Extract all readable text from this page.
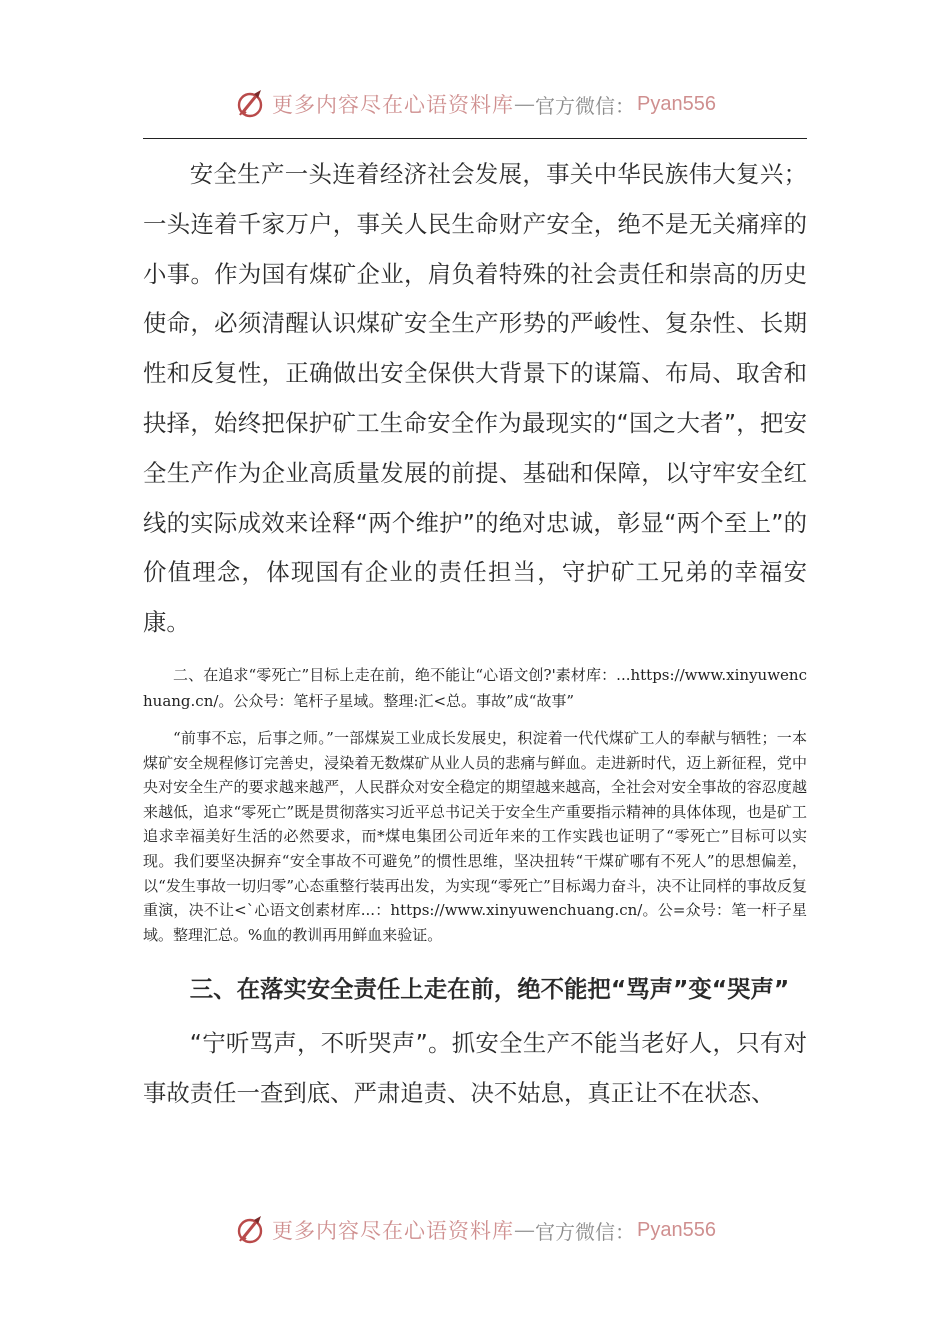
更多内容尽在心语资料库 — 官方微信： Pyan556

安全生产一头连着经济社会发展，事关中华民族伟大复兴；一头连着千家万户，事关人民生命财产安全，绝不是无关痛痒的小事。作为国有煤矿企业，肩负着特殊的社会责任和崇高的历史使命，必须清醒认识煤矿安全生产形势的严峻性、复杂性、长期性和反复性，正确做出安全保供大背景下的谋篇、布局、取舍和抉择，始终把保护矿工生命安全作为最现实的“国之大者”，把安全生产作为企业高质量发展的前提、基础和保障，以守牢安全红线的实际成效来诠释“两个维护”的绝对忠诚，彰显“两个至上”的价值理念，体现国有企业的责任担当，守护矿工兄弟的幸福安康。

二、在追求“零死亡”目标上走在前，绝不能让“心语文创?'素材库：...https://www.xinyuwenchuang.cn/。公众号：笔杆子星域。整理:汇<总。事故”成“故事”

“前事不忘，后事之师。”一部煤炭工业成长发展史，积淀着一代代煤矿工人的奉献与牺牲；一本煤矿安全规程修订完善史，浸染着无数煤矿从业人员的悲痛与鲜血。走进新时代，迈上新征程，党中央对安全生产的要求越来越严，人民群众对安全稳定的期望越来越高，全社会对安全事故的容忍度越来越低，追求“零死亡”既是贯彻落实习近平总书记关于安全生产重要指示精神的具体体现，也是矿工追求幸福美好生活的必然要求，而*煤电集团公司近年来的工作实践也证明了“零死亡”目标可以实现。我们要坚决摒弃“安全事故不可避免”的惯性思维，坚决扭转“干煤矿哪有不死人”的思想偏差，以“发生事故一切归零”心态重整行装再出发，为实现“零死亡”目标竭力奋斗，决不让同样的事故反复重演，决不让<`心语文创素材库...：https://www.xinyuwenchuang.cn/。公=众号：笔一杆子星域。整理汇总。%血的教训再用鲜血来验证。

三、在落实安全责任上走在前，绝不能把“骂声”变“哭声”

“宁听骂声，不听哭声”。抓安全生产不能当老好人，只有对事故责任一查到底、严肃追责、决不姑息，真正让不在状态、

更多内容尽在心语资料库 — 官方微信： Pyan556
